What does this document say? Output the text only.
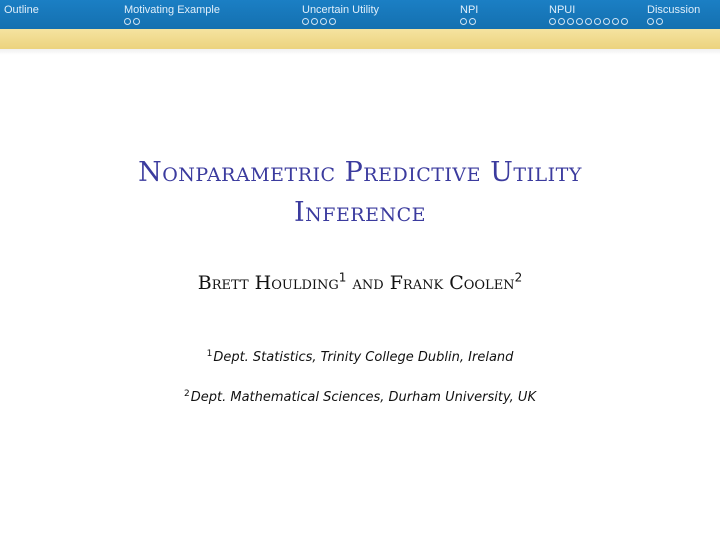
Outline	Motivating Example	Uncertain Utility	NPI	NPUI	Discussion
Nonparametric Predictive Utility
Inference
Brett Houlding$^1$ and Frank Coolen$^2$
$^1$Dept. Statistics, Trinity College Dublin, Ireland
$^2$Dept. Mathematical Sciences, Durham University, UK
